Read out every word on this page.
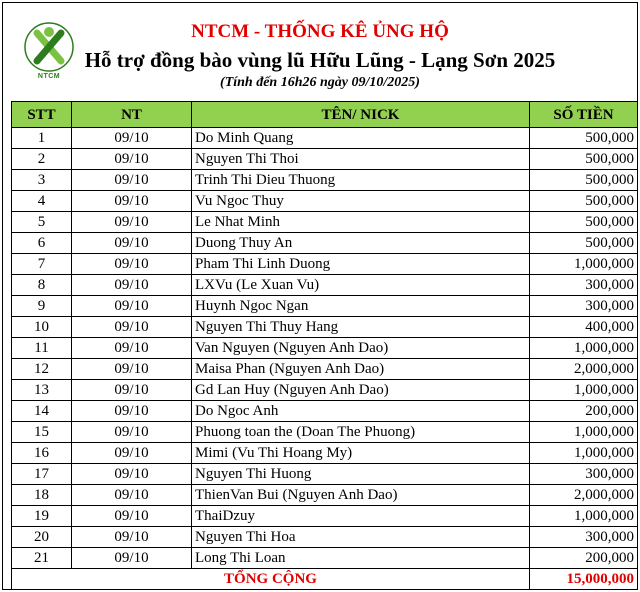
NTCM
NTCM - THỐNG KÊ ỦNG HỘ
Hỗ trợ đồng bào vùng lũ Hữu Lũng - Lạng Sơn 2025
(Tính đến 16h26 ngày 09/10/2025)
STT	NT	TÊN/ NICK	SỐ TIỀN
1	09/10	Do Minh Quang	500,000
2	09/10	Nguyen Thi Thoi	500,000
3	09/10	Trinh Thi Dieu Thuong	500,000
4	09/10	Vu Ngoc Thuy	500,000
5	09/10	Le Nhat Minh	500,000
6	09/10	Duong Thuy An	500,000
7	09/10	Pham Thi Linh Duong	1,000,000
8	09/10	LXVu (Le Xuan Vu)	300,000
9	09/10	Huynh Ngoc Ngan	300,000
10	09/10	Nguyen Thi Thuy Hang	400,000
11	09/10	Van Nguyen (Nguyen Anh Dao)	1,000,000
12	09/10	Maisa Phan (Nguyen Anh Dao)	2,000,000
13	09/10	Gd Lan Huy (Nguyen Anh Dao)	1,000,000
14	09/10	Do Ngoc Anh	200,000
15	09/10	Phuong toan the (Doan The Phuong)	1,000,000
16	09/10	Mimi (Vu Thi Hoang My)	1,000,000
17	09/10	Nguyen Thi Huong	300,000
18	09/10	ThienVan Bui (Nguyen Anh Dao)	2,000,000
19	09/10	ThaiDzuy	1,000,000
20	09/10	Nguyen Thi Hoa	300,000
21	09/10	Long Thi Loan	200,000
TỔNG CỘNG			15,000,000
